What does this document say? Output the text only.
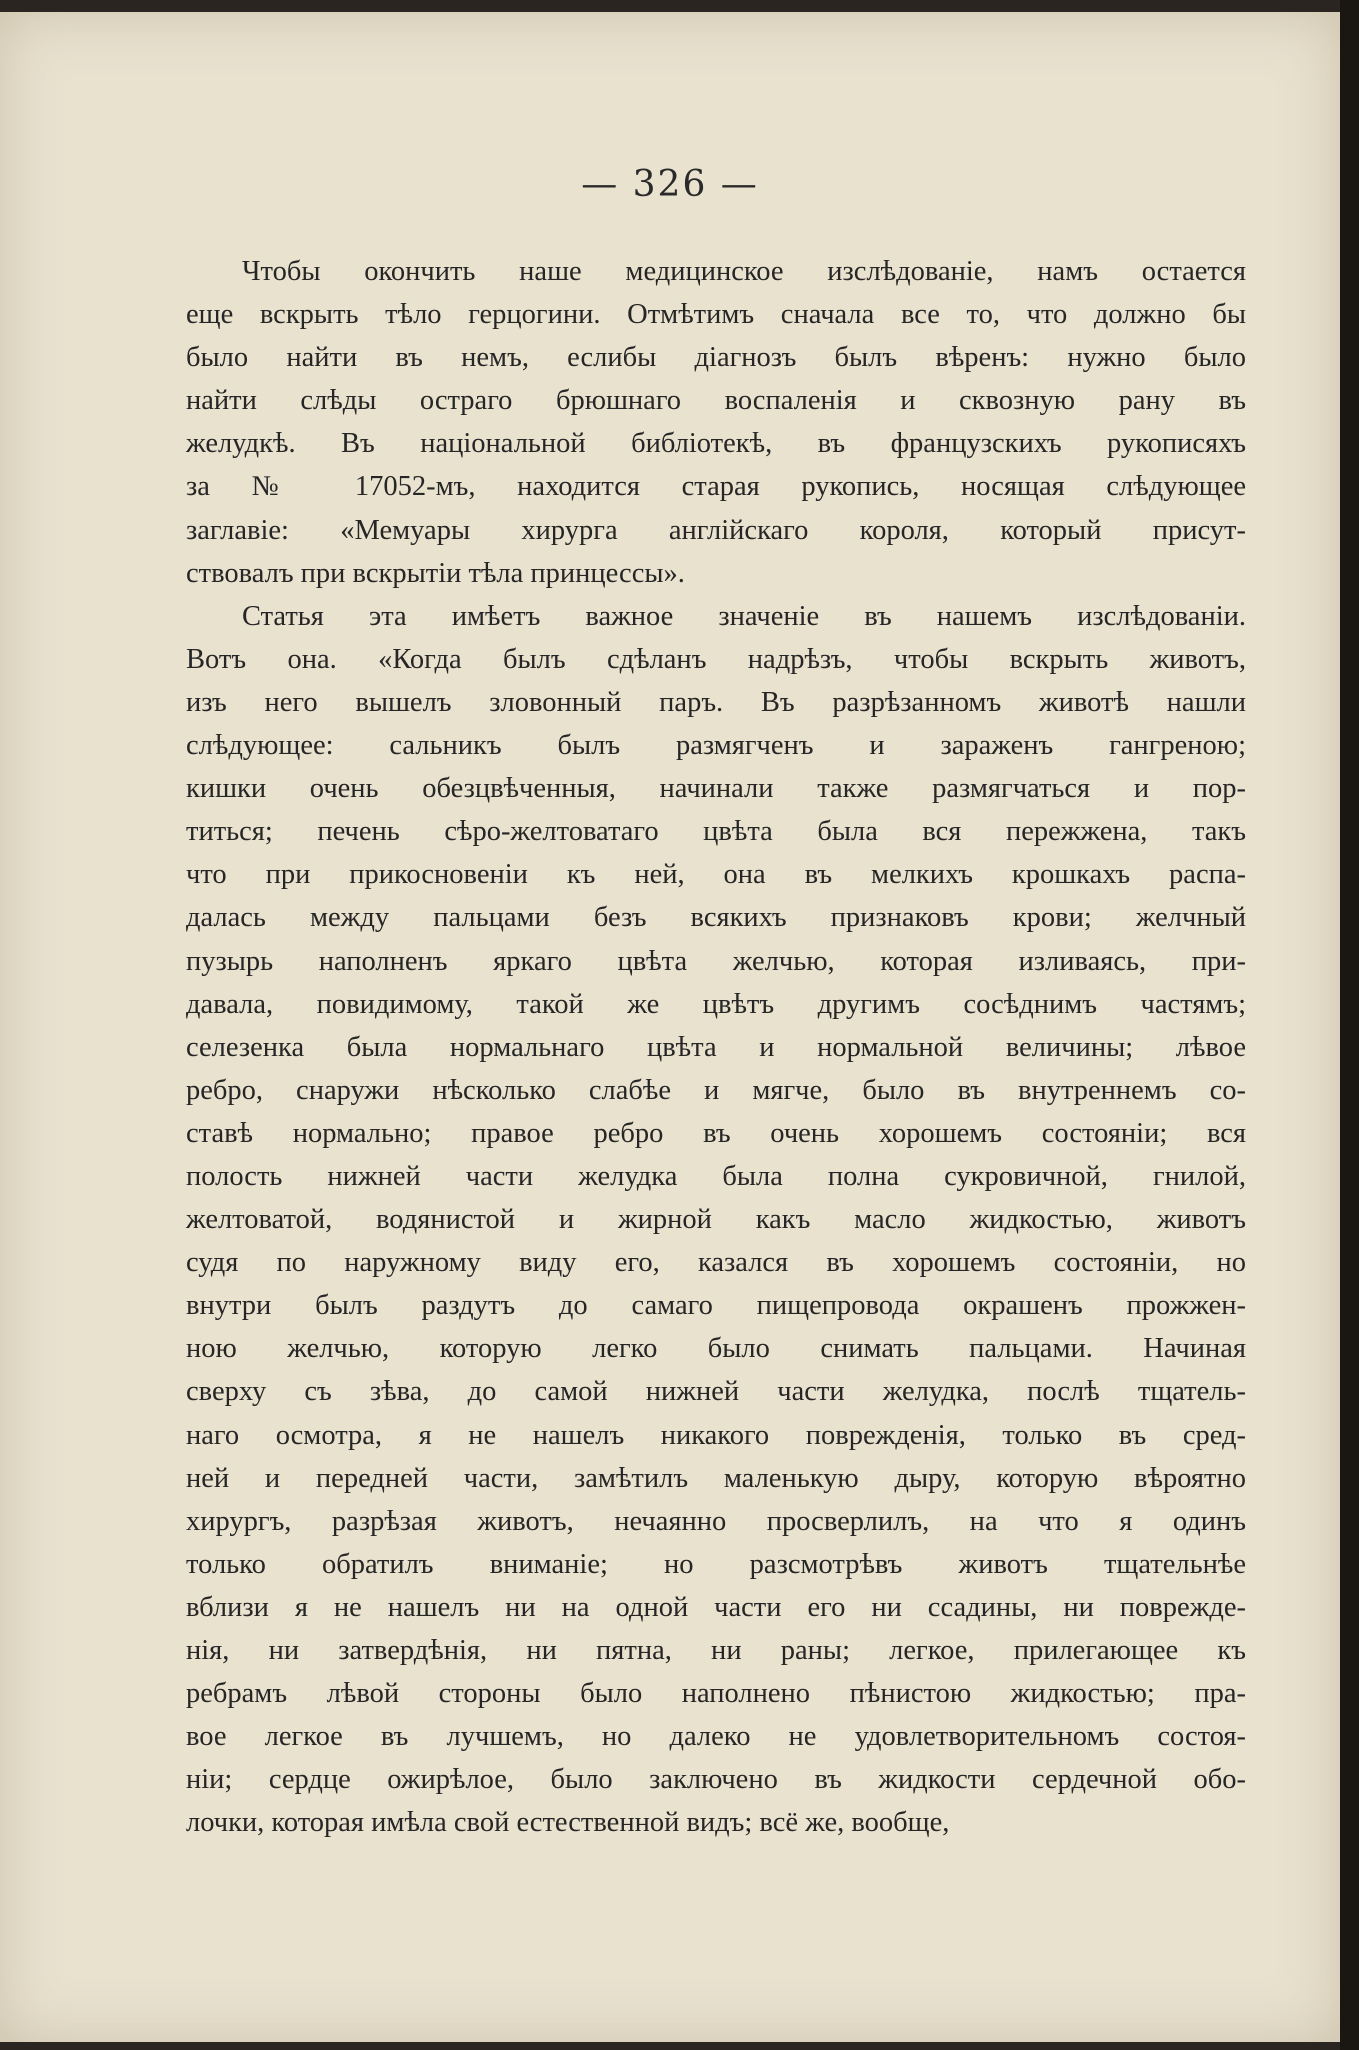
— 326 —
Чтобы окончить наше медицинское изслѣдованіе, намъ остается
еще вскрыть тѣло герцогини. Отмѣтимъ сначала все то, что должно бы
было найти въ немъ, еслибы діагнозъ былъ вѣренъ: нужно было
найти слѣды остраго брюшнаго воспаленія и сквозную рану въ
желудкѣ. Въ національной библіотекѣ, въ французскихъ рукописяхъ
за № 17052-мъ, находится старая рукопись, носящая слѣдующее
заглавіе: «Мемуары хирурга англійскаго короля, который присут-
ствовалъ при вскрытіи тѣла принцессы».
Статья эта имѣетъ важное значеніе въ нашемъ изслѣдованіи.
Вотъ она. «Когда былъ сдѣланъ надрѣзъ, чтобы вскрыть животъ,
изъ него вышелъ зловонный паръ. Въ разрѣзанномъ животѣ нашли
слѣдующее: сальникъ былъ размягченъ и зараженъ гангреною;
кишки очень обезцвѣченныя, начинали также размягчаться и пор-
титься; печень сѣро-желтоватаго цвѣта была вся пережжена, такъ
что при прикосновеніи къ ней, она въ мелкихъ крошкахъ распа-
далась между пальцами безъ всякихъ признаковъ крови; желчный
пузырь наполненъ яркаго цвѣта желчью, которая изливаясь, при-
давала, повидимому, такой же цвѣтъ другимъ сосѣднимъ частямъ;
селезенка была нормальнаго цвѣта и нормальной величины; лѣвое
ребро, снаружи нѣсколько слабѣе и мягче, было въ внутреннемъ со-
ставѣ нормально; правое ребро въ очень хорошемъ состояніи; вся
полость нижней части желудка была полна сукровичной, гнилой,
желтоватой, водянистой и жирной какъ масло жидкостью, животъ
судя по наружному виду его, казался въ хорошемъ состояніи, но
внутри былъ раздутъ до самаго пищепровода окрашенъ прожжен-
ною желчью, которую легко было снимать пальцами. Начиная
сверху съ зѣва, до самой нижней части желудка, послѣ тщатель-
наго осмотра, я не нашелъ никакого поврежденія, только въ сред-
ней и передней части, замѣтилъ маленькую дыру, которую вѣроятно
хирургъ, разрѣзая животъ, нечаянно просверлилъ, на что я одинъ
только обратилъ вниманіе; но разсмотрѣвъ животъ тщательнѣе
вблизи я не нашелъ ни на одной части его ни ссадины, ни поврежде-
нія, ни затвердѣнія, ни пятна, ни раны; легкое, прилегающее къ
ребрамъ лѣвой стороны было наполнено пѣнистою жидкостью; пра-
вое легкое въ лучшемъ, но далеко не удовлетворительномъ состоя-
ніи; сердце ожирѣлое, было заключено въ жидкости сердечной обо-
лочки, которая имѣла свой естественной видъ; всё же, вообще,
